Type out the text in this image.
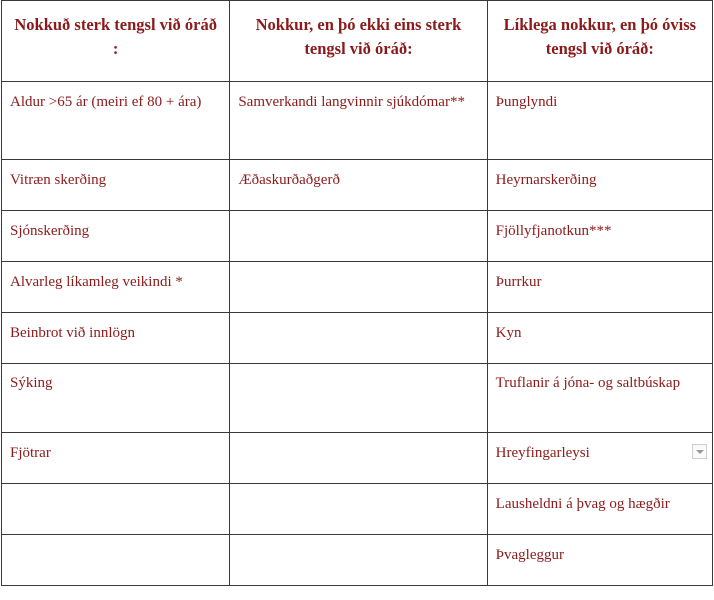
Nokkuð sterk tengsl við óráð :	Nokkur, en þó ekki eins sterk tengsl við óráð:	Líklega nokkur, en þó óviss tengsl við óráð:

Aldur >65 ár (meiri ef 80 + ára)	Samverkandi langvinnir sjúkdómar**	Þunglyndi

Vitræn skerðing	Æðaskurðaðgerð	Heyrnarskerðing

Sjónskerðing		Fjöllyfjanotkun***

Alvarleg líkamleg veikindi *		Þurrkur

Beinbrot við innlögn		Kyn

Sýking		Truflanir á jóna- og saltbúskap

Fjötrar		Hreyfingarleysi

		Lausheldni á þvag og hægðir

		Þvagleggur
